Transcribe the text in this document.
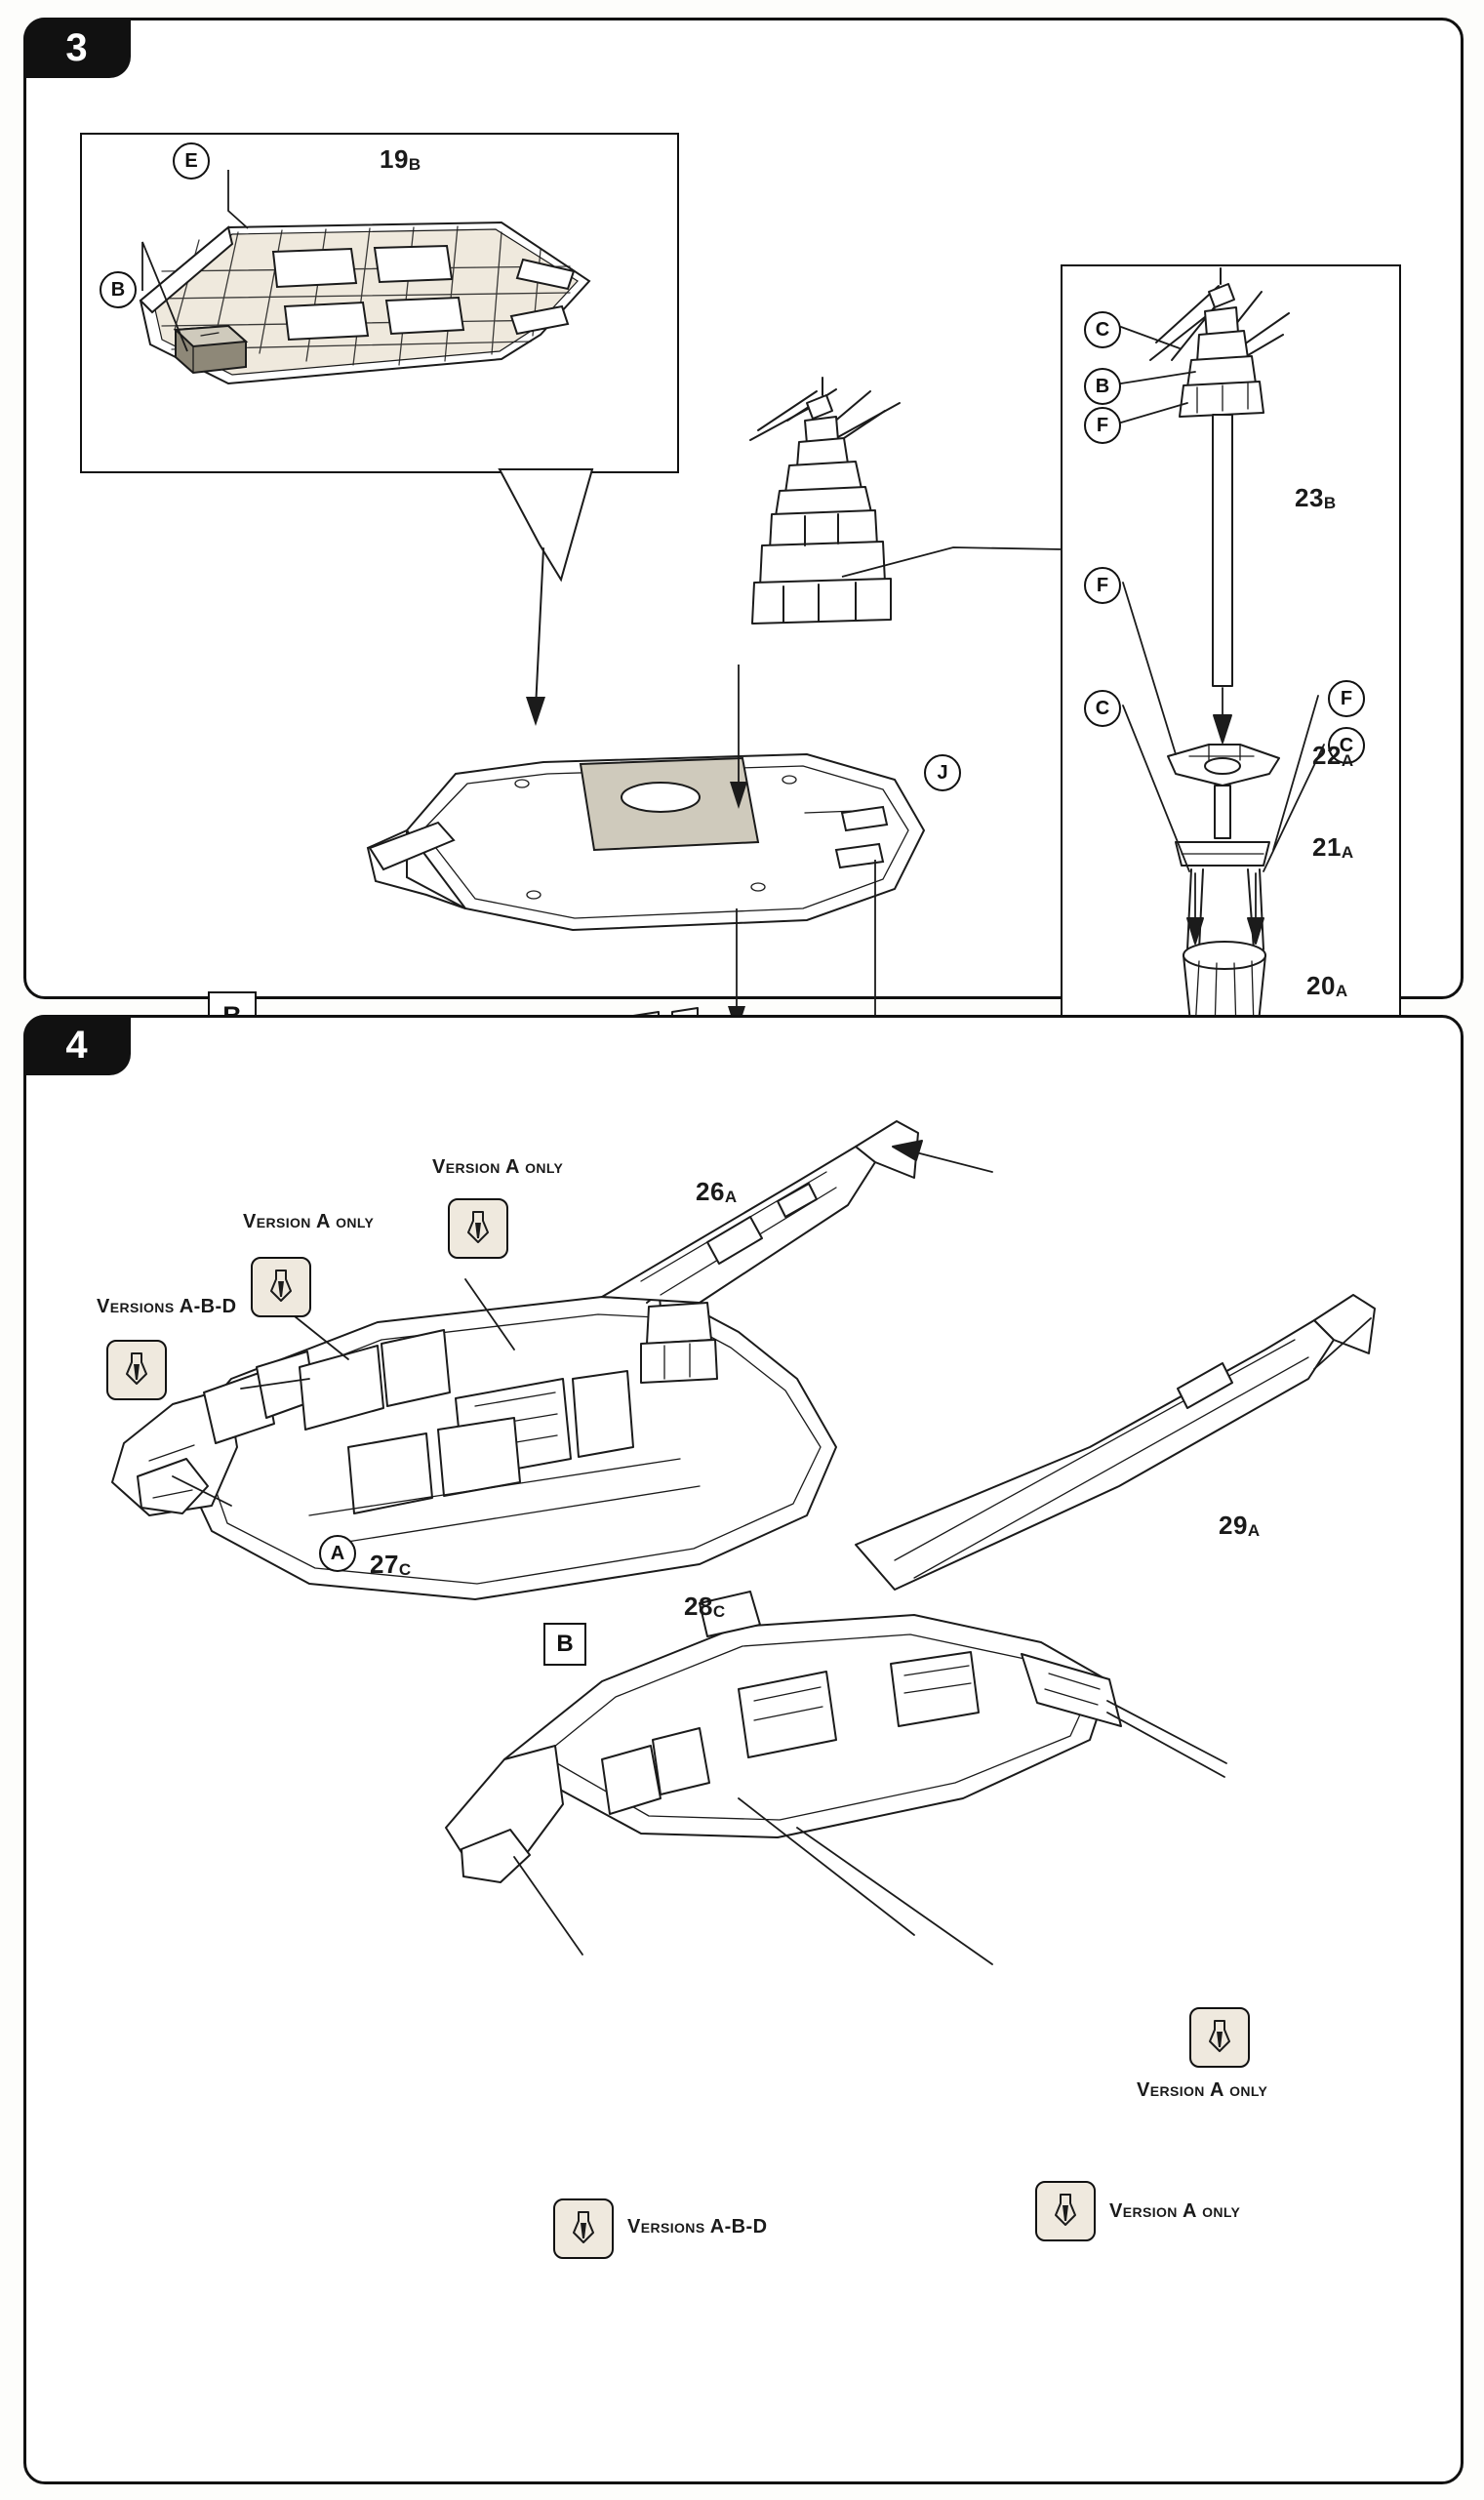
3
E
B
$19_B$
J
C
B
F
F
C
C
F
$23_B$
$22_A$
$21_A$
$20_A$
4
Versions A-B-D
Version A only
Version A only
Version A only
Versions A-B-D
Version A only
$26_A$
$27_C$
$28_C$
$29_A$
A
B
